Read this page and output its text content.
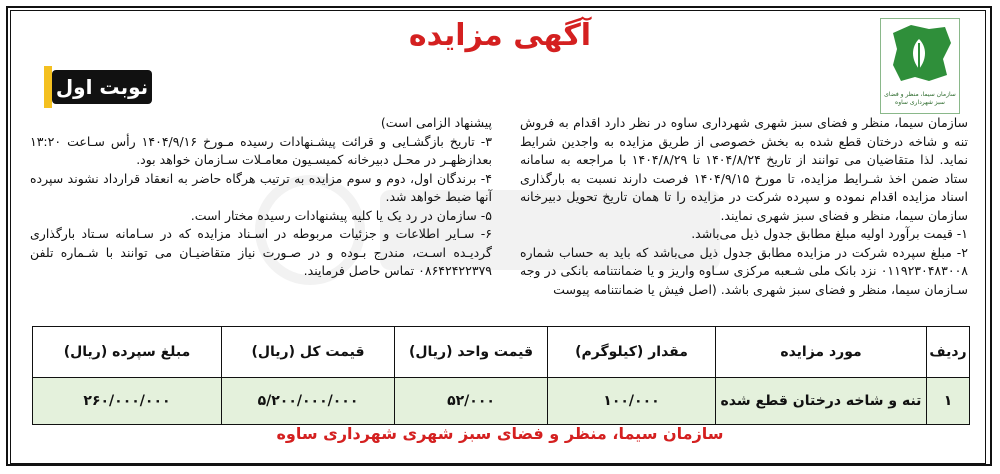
سازمان سیما، منظر و فضای سبز شهرداری ساوه
آگهی مزایده
نوبت اول

سازمان سیما، منظر و فضای سبز شهری شهرداری ساوه در نظر دارد اقدام به فروش تنه و شاخه درختان قطع شده به بخش خصوصی از طریق مزایده به واجدین شرایط نماید. لذا متقاضیان می توانند از تاریخ ۱۴۰۴/۸/۲۴ تا ۱۴۰۴/۸/۲۹ با مراجعه به سامانه ستاد ضمن اخذ شـرایط مزایده، تا مورخ ۱۴۰۴/۹/۱۵ فرصت دارند نسبت به بارگذاری اسناد مزایده اقدام نموده و سپرده شرکت در مزایده را تا همان تاریخ تحویل دبیرخانه سازمان سیما، منظر و فضای سبز شهری نمایند.

۱- قیمت برآورد اولیه مبلغ مطابق جدول ذیل می‌باشد.

۲- مبلغ سپرده شرکت در مزایده مطابق جدول ذیل می‌باشد که باید به حساب شماره ۰۱۱۹۲۳۰۴۸۳۰۰۸ نزد بانک ملی شـعبه مرکزی سـاوه واریز و یا ضمانتنامه بانکی در وجه سـازمان سیما، منظر و فضای سبز شهری باشد. (اصل فیش یا ضمانتنامه پیوست

پیشنهاد الزامی است)

۳- تاریخ بازگشـایی و قرائت پیشـنهادات رسیده مـورخ ۱۴۰۴/۹/۱۶ رأس سـاعت ۱۳:۲۰ بعدازظهـر در محـل دبیرخانه کمیسـیون معامـلات سـازمان خواهد بود.

۴- برندگان اول، دوم و سوم مزایده به ترتیب هرگاه حاضر به انعقاد قرارداد نشوند سپرده آنها ضبط خواهد شد.

۵- سازمان در رد یک یا کلیه پیشنهادات رسیده مختار است.

۶- سـایر اطلاعات و جزئیات مربوطه در اسـناد مزایده که در سـامانه سـتاد بارگذاری گردیـده اسـت، مندرج بـوده و در صـورت نیاز متقاضیـان می توانند با شـماره تلفن ۰۸۶۴۲۴۲۲۳۷۹ تماس حاصل فرمایند.

ردیف	مورد مزایده	مقدار (کیلوگرم)	قیمت واحد (ریال)	قیمت کل (ریال)	مبلغ سپرده (ریال)
۱	تنه و شاخه درختان قطع شده	۱۰۰/۰۰۰	۵۲/۰۰۰	۵/۲۰۰/۰۰۰/۰۰۰	۲۶۰/۰۰۰/۰۰۰
سازمان سیما، منظر و فضای سبز شهری شهرداری ساوه
